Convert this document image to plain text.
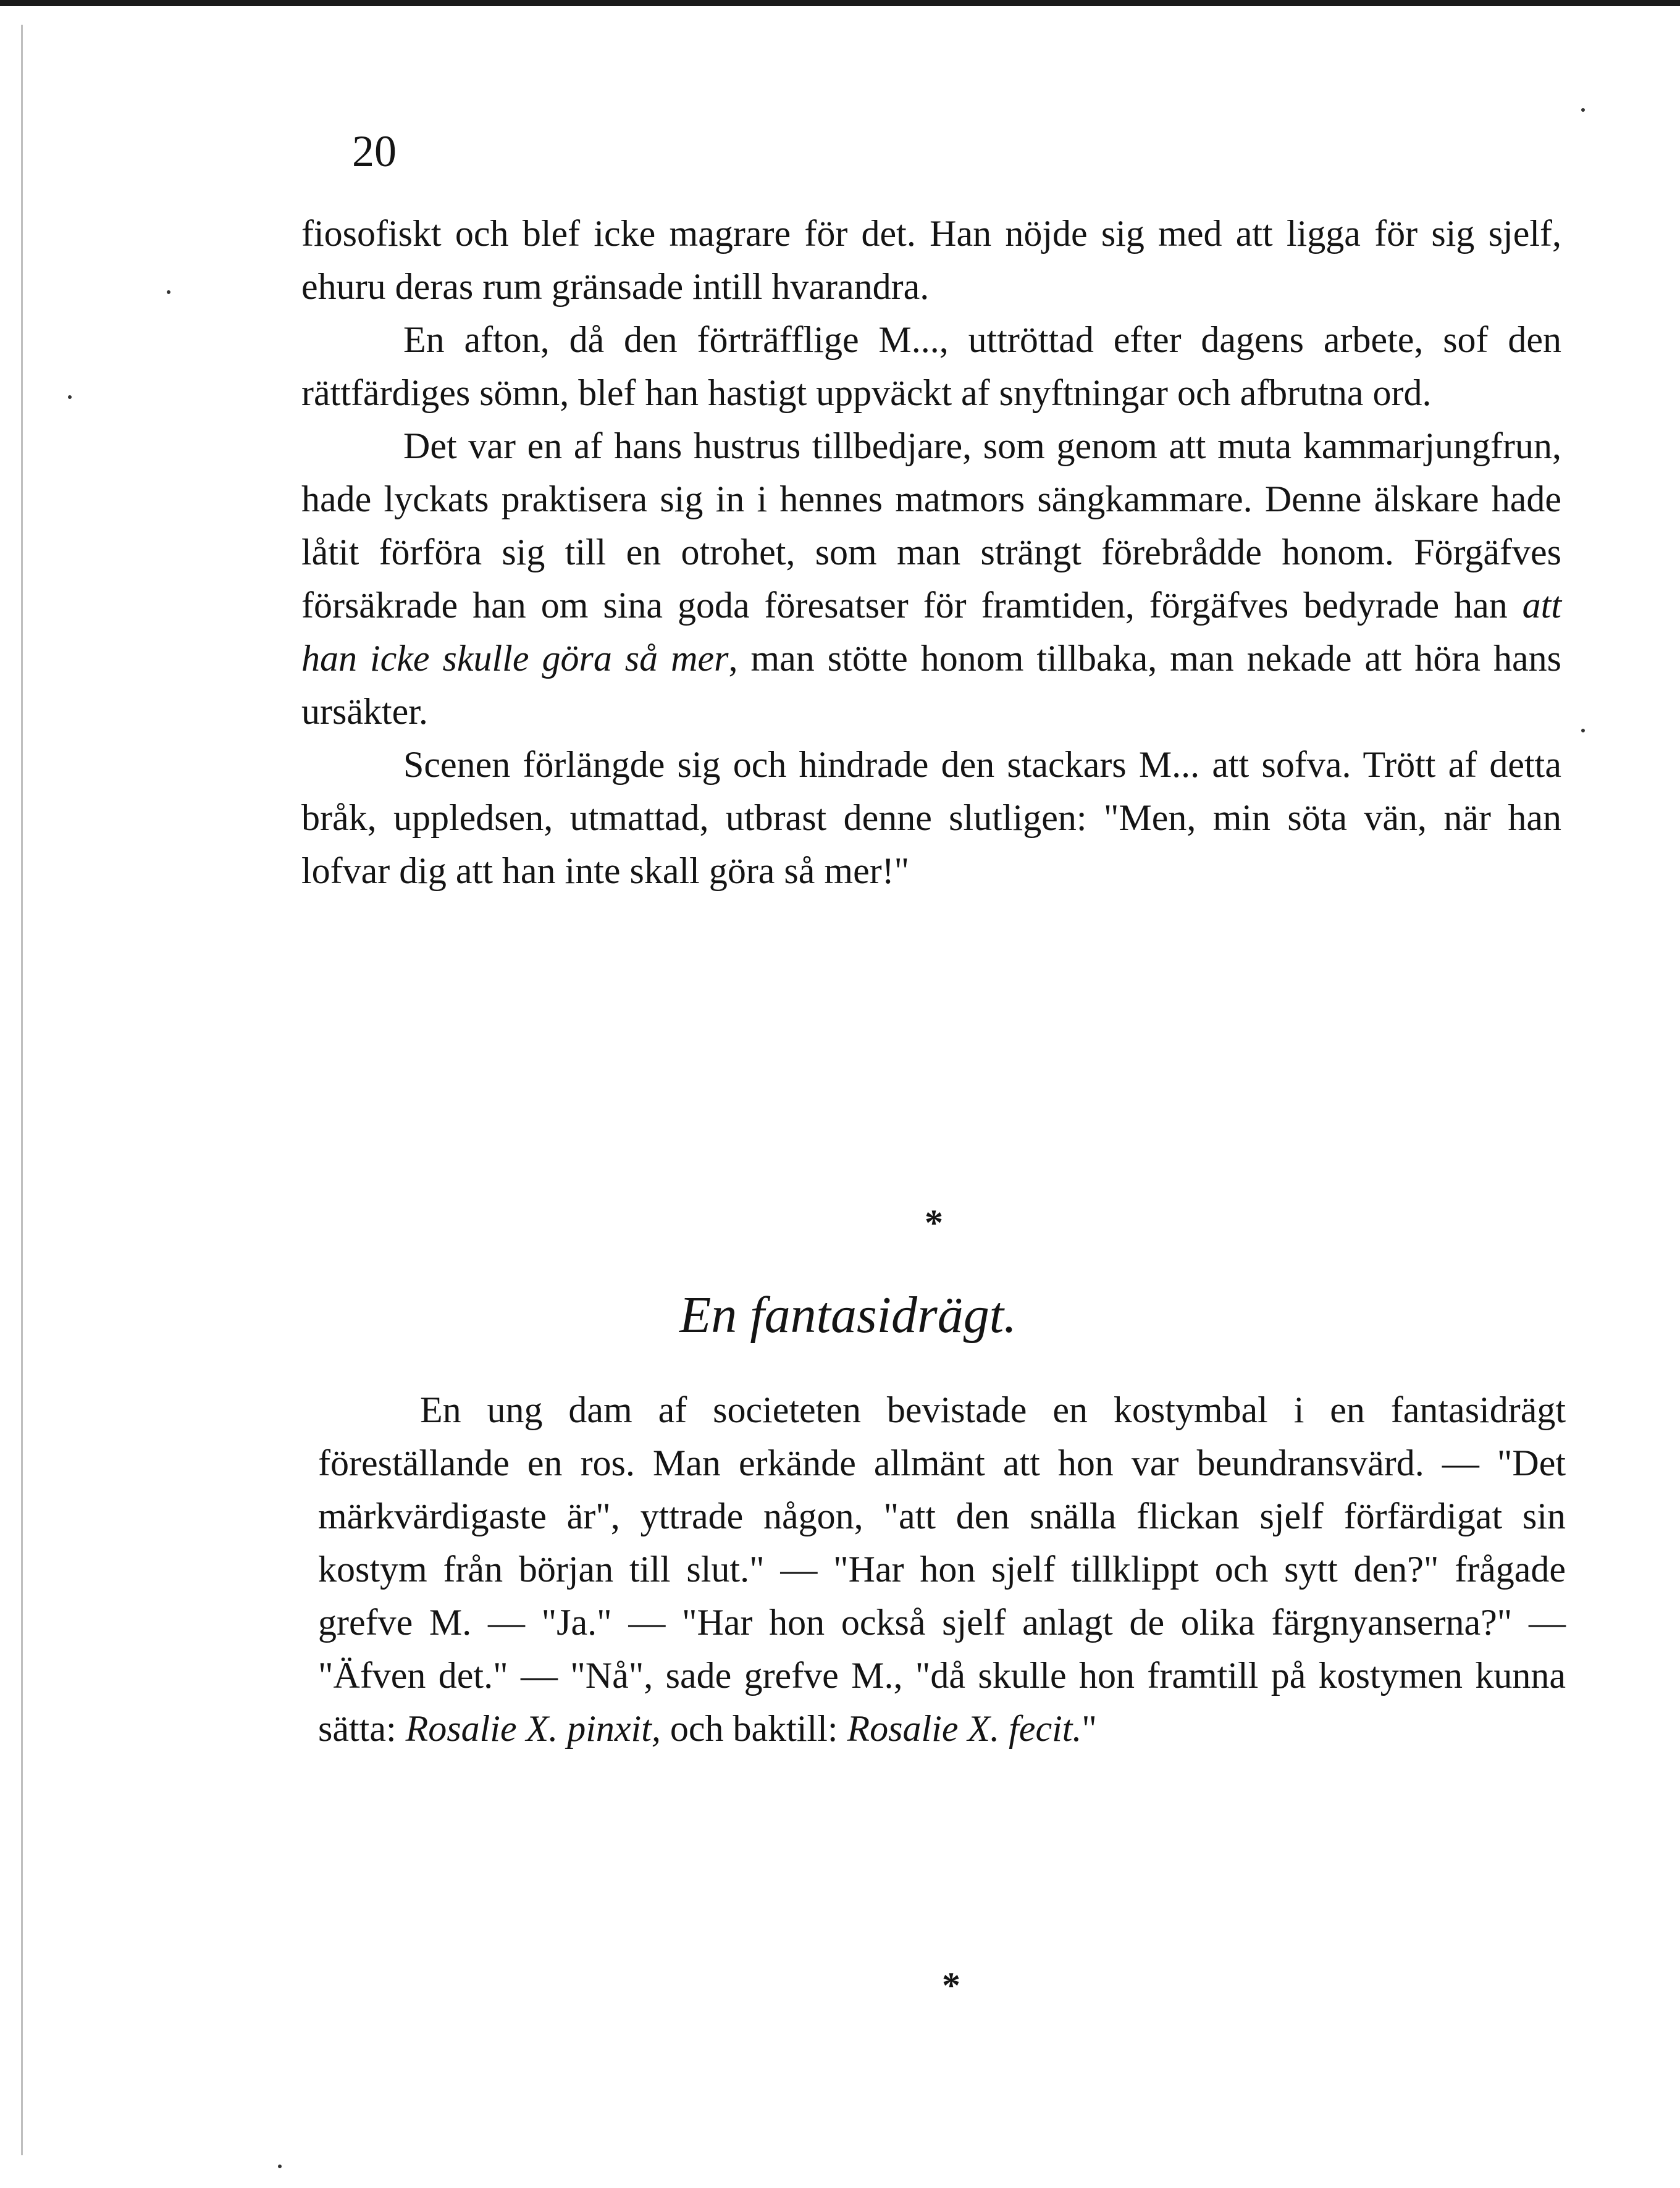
20

fiosofiskt och blef icke magrare för det. Han nöjde sig med att ligga för sig sjelf, ehuru deras rum gränsade intill hvarandra.

En afton, då den förträfflige M..., uttröttad efter dagens arbete, sof den rättfärdiges sömn, blef han hastigt uppväckt af snyftningar och afbrutna ord.

Det var en af hans hustrus tillbedjare, som genom att muta kammarjungfrun, hade lyckats praktisera sig in i hennes matmors sängkammare. Denne älskare hade låtit förföra sig till en otrohet, som man strängt förebrådde honom. Förgäfves försäkrade han om sina goda föresatser för framtiden, förgäfves bedyrade han att han icke skulle göra så mer, man stötte honom tillbaka, man nekade att höra hans ursäkter.

Scenen förlängde sig och hindrade den stackars M... att sofva. Trött af detta bråk, uppledsen, utmattad, utbrast denne slutligen: "Men, min söta vän, när han lofvar dig att han inte skall göra så mer!"

*
En fantasidrägt.

En ung dam af societeten bevistade en kostymbal i en fantasidrägt föreställande en ros. Man erkände allmänt att hon var beundransvärd. — "Det märkvärdigaste är", yttrade någon, "att den snälla flickan sjelf förfärdigat sin kostym från början till slut." — "Har hon sjelf tillklippt och sytt den?" frågade grefve M. — "Ja." — "Har hon också sjelf anlagt de olika färgnyanserna?" — "Äfven det." — "Nå", sade grefve M., "då skulle hon framtill på kostymen kunna sätta: Rosalie X. pinxit, och baktill: Rosalie X. fecit."

*
